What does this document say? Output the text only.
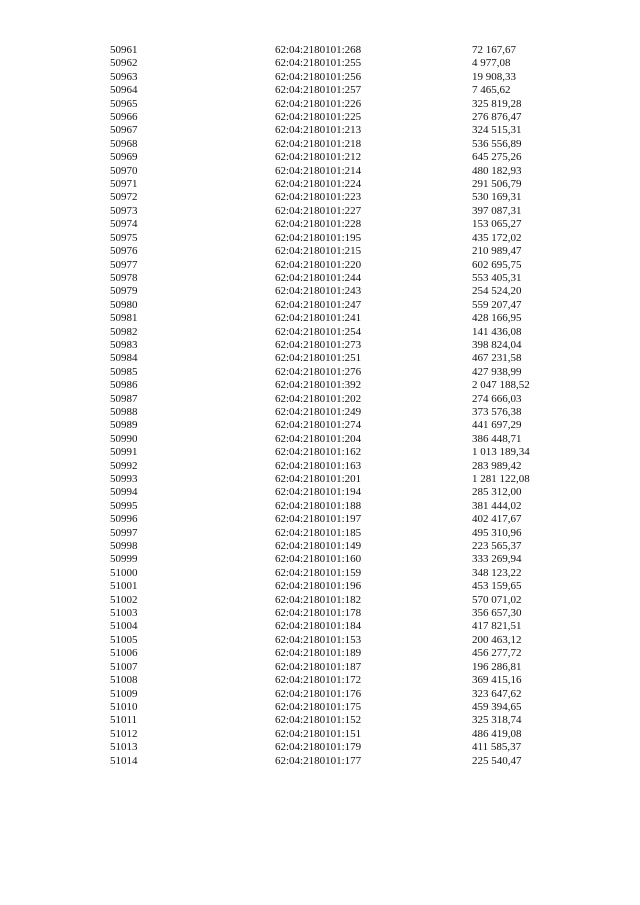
50961	62:04:2180101:268	72 167,67
50962	62:04:2180101:255	4 977,08
50963	62:04:2180101:256	19 908,33
50964	62:04:2180101:257	7 465,62
50965	62:04:2180101:226	325 819,28
50966	62:04:2180101:225	276 876,47
50967	62:04:2180101:213	324 515,31
50968	62:04:2180101:218	536 556,89
50969	62:04:2180101:212	645 275,26
50970	62:04:2180101:214	480 182,93
50971	62:04:2180101:224	291 506,79
50972	62:04:2180101:223	530 169,31
50973	62:04:2180101:227	397 087,31
50974	62:04:2180101:228	153 065,27
50975	62:04:2180101:195	435 172,02
50976	62:04:2180101:215	210 989,47
50977	62:04:2180101:220	602 695,75
50978	62:04:2180101:244	553 405,31
50979	62:04:2180101:243	254 524,20
50980	62:04:2180101:247	559 207,47
50981	62:04:2180101:241	428 166,95
50982	62:04:2180101:254	141 436,08
50983	62:04:2180101:273	398 824,04
50984	62:04:2180101:251	467 231,58
50985	62:04:2180101:276	427 938,99
50986	62:04:2180101:392	2 047 188,52
50987	62:04:2180101:202	274 666,03
50988	62:04:2180101:249	373 576,38
50989	62:04:2180101:274	441 697,29
50990	62:04:2180101:204	386 448,71
50991	62:04:2180101:162	1 013 189,34
50992	62:04:2180101:163	283 989,42
50993	62:04:2180101:201	1 281 122,08
50994	62:04:2180101:194	285 312,00
50995	62:04:2180101:188	381 444,02
50996	62:04:2180101:197	402 417,67
50997	62:04:2180101:185	495 310,96
50998	62:04:2180101:149	223 565,37
50999	62:04:2180101:160	333 269,94
51000	62:04:2180101:159	348 123,22
51001	62:04:2180101:196	453 159,65
51002	62:04:2180101:182	570 071,02
51003	62:04:2180101:178	356 657,30
51004	62:04:2180101:184	417 821,51
51005	62:04:2180101:153	200 463,12
51006	62:04:2180101:189	456 277,72
51007	62:04:2180101:187	196 286,81
51008	62:04:2180101:172	369 415,16
51009	62:04:2180101:176	323 647,62
51010	62:04:2180101:175	459 394,65
51011	62:04:2180101:152	325 318,74
51012	62:04:2180101:151	486 419,08
51013	62:04:2180101:179	411 585,37
51014	62:04:2180101:177	225 540,47
